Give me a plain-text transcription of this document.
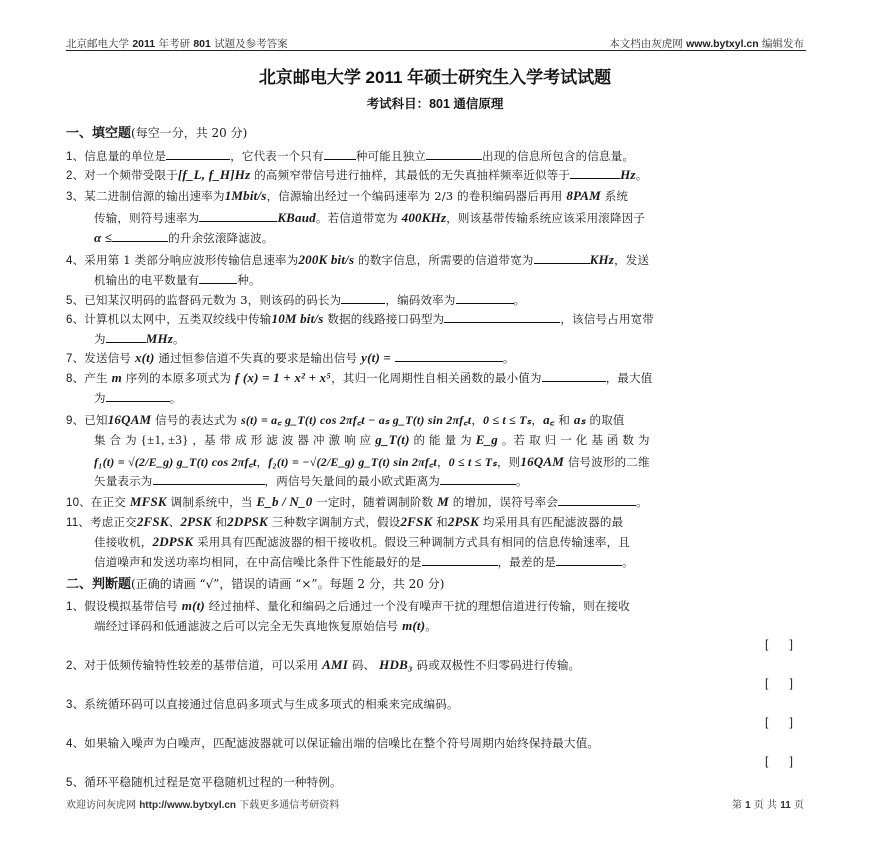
北京邮电大学 2011 年考研 801 试题及参考答案	本文档由灰虎网 www.bytxyl.cn 编辑发布
北京邮电大学 2011 年硕士研究生入学考试试题
考试科目：801 通信原理
一、填空题(每空一分，共 20 分)
1、信息量的单位是	，它代表一个只有	种可能且独立	出现的信息所包含的信息量。
2、对一个频带受限于[f_L, f_H]Hz 的高频窄带信号进行抽样，其最低的无失真抽样频率近似等于	Hz。
3、某二进制信源的输出速率为1Mbit/s，信源输出经过一个编码速率为 2/3 的卷积编码器后再用 8PAM 系统
传输，则符号速率为	KBaud。若信道带宽为 400KHz，则该基带传输系统应该采用滚降因子
α ≤	的升余弦滚降滤波。
4、采用第 1 类部分响应波形传输信息速率为200K bit/s 的数字信息，所需要的信道带宽为	KHz，发送
机输出的电平数量有	种。
5、已知某汉明码的监督码元数为 3，则该码的码长为	，编码效率为	。
6、计算机以太网中，五类双绞线中传输10M bit/s 数据的线路接口码型为	，该信号占用宽带
为	MHz。
7、发送信号 x(t) 通过恒参信道不失真的要求是输出信号 y(t) =	。
8、产生 m 序列的本原多项式为 f (x) = 1 + x² + x⁵，其归一化周期性自相关函数的最小值为	，最大值
为	。
9、已知16QAM 信号的表达式为 s(t) = a꜀ g_T(t) cos 2πf꜀t − aₛ g_T(t) sin 2πf꜀t，0 ≤ t ≤ Tₛ，a꜀ 和 aₛ 的取值
集 合 为 {±1, ±3} ，基 带 成 形 滤 波 器 冲 激 响 应 g_T(t) 的 能 量 为 E_g 。若 取 归 一 化 基 函 数 为
f₁(t) = √(2/E_g) g_T(t) cos 2πf꜀t，f₂(t) = −√(2/E_g) g_T(t) sin 2πf꜀t，0 ≤ t ≤ Tₛ，则16QAM 信号波形的二维
矢量表示为	，两信号矢量间的最小欧式距离为	。
10、在正交 MFSK 调制系统中，当 E_b / N_0 一定时，随着调制阶数 M 的增加，误符号率会	。
11、考虑正交2FSK、2PSK 和2DPSK 三种数字调制方式，假设2FSK 和2PSK 均采用具有匹配滤波器的最
佳接收机，2DPSK 采用具有匹配滤波器的相干接收机。假设三种调制方式具有相同的信息传输速率，且
信道噪声和发送功率均相同，在中高信噪比条件下性能最好的是	，最差的是	。
二、判断题(正确的请画 “√”，错误的请画 “×”。每题 2 分，共 20 分)
1、假设模拟基带信号 m(t) 经过抽样、量化和编码之后通过一个没有噪声干扰的理想信道进行传输，则在接收
端经过译码和低通滤波之后可以完全无失真地恢复原始信号 m(t)。
[ ]
2、对于低频传输特性较差的基带信道，可以采用 AMI 码、 HDB₃ 码或双极性不归零码进行传输。
[ ]
3、系统循环码可以直接通过信息码多项式与生成多项式的相乘来完成编码。
[ ]
4、如果输入噪声为白噪声，匹配滤波器就可以保证输出端的信噪比在整个符号周期内始终保持最大值。
[ ]
5、循环平稳随机过程是宽平稳随机过程的一种特例。
欢迎访问灰虎网 http://www.bytxyl.cn 下载更多通信考研资料	第 1 页 共 11 页
